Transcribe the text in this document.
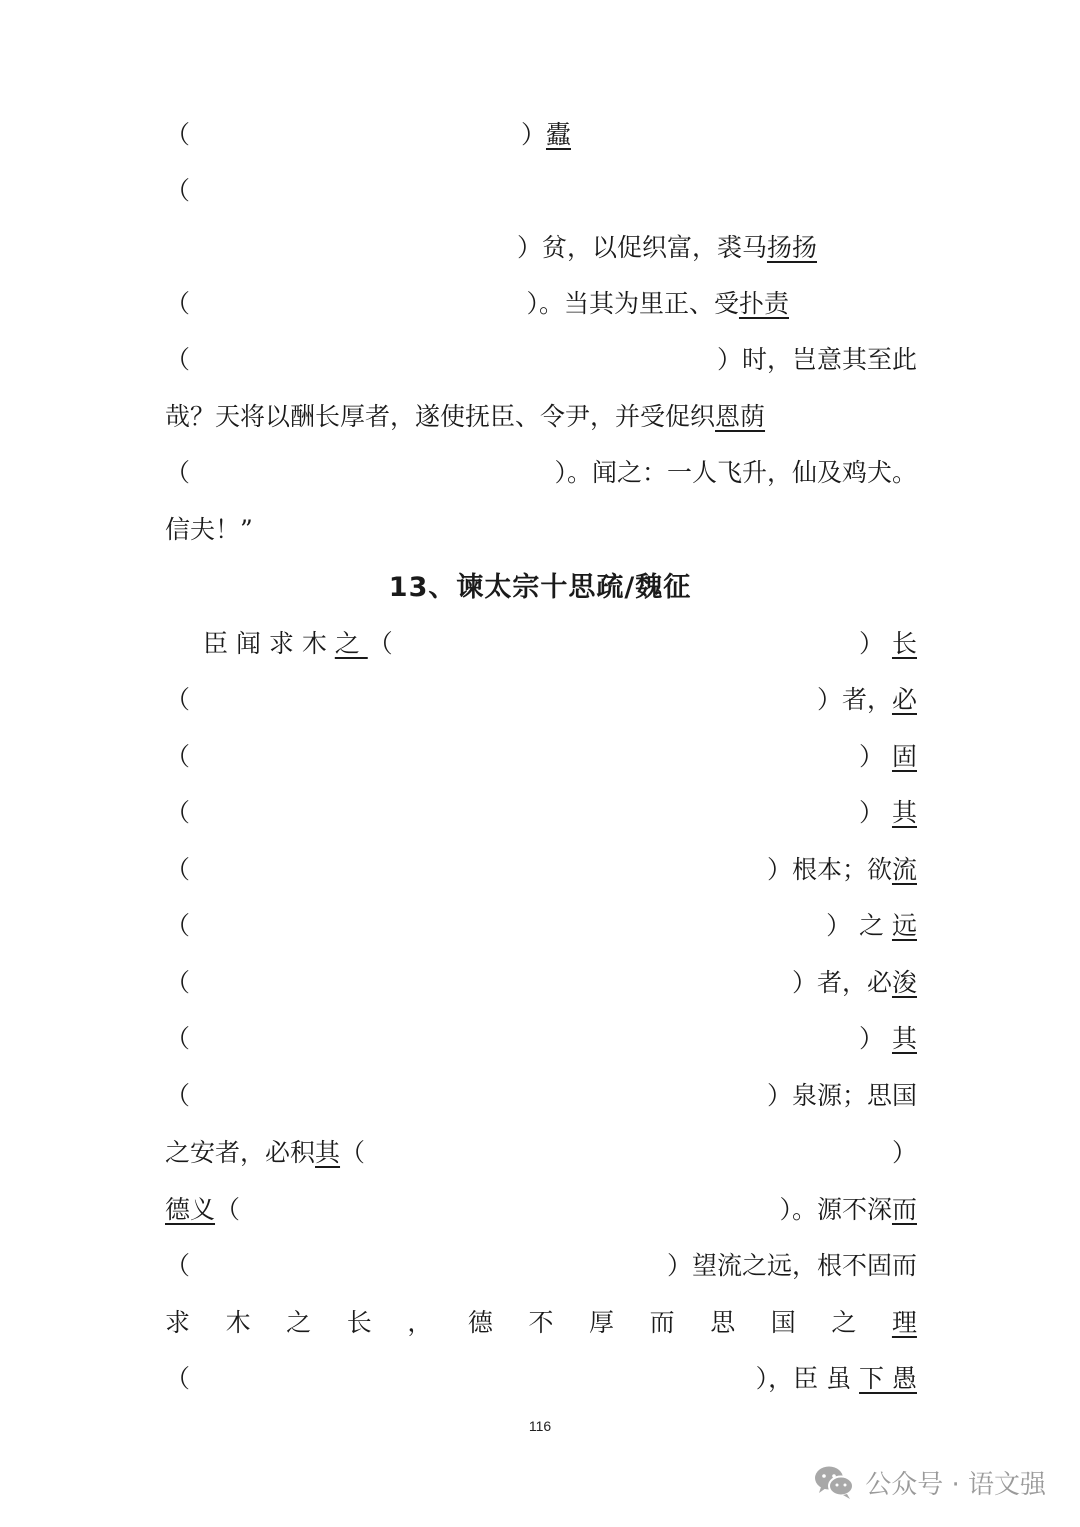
（	）蠹
（
）贫，以促织富，裘马扬扬
（	）。当其为里正、受扑责
（	）时，岂意其至此
哉？天将以酬长厚者，遂使抚臣、令尹，并受促织恩荫
（	）。闻之：一人飞升，仙及鸡犬。
信夫！”
13、谏太宗十思疏/魏征
臣 闻 求 木 之 （	） 长
（	）者，必
（	） 固
（	） 其
（	）根本；欲流
（	） 之 远
（	）者，必浚
（	） 其
（	）泉源；思国
之安者，必积其（	）
德义（	）。源不深而
（	）望流之远，根不固而
求 木 之 长 ， 德 不 厚 而 思 国 之 理
（	），臣 虽 下 愚
116
公众号 · 语文强
